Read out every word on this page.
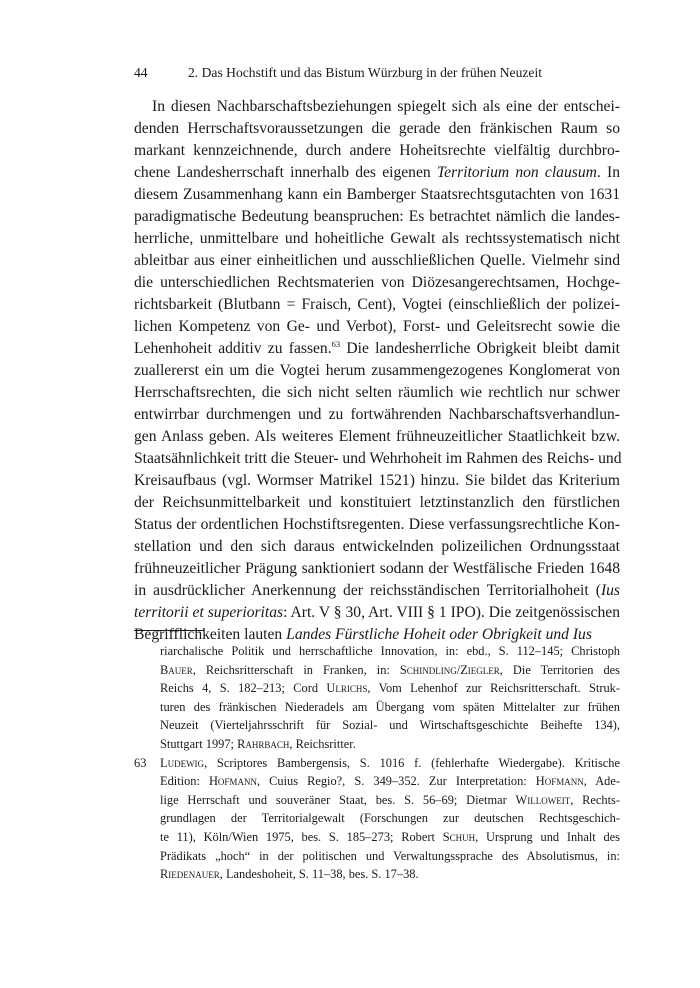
44	2. Das Hochstift und das Bistum Würzburg in der frühen Neuzeit
In diesen Nachbarschaftsbeziehungen spiegelt sich als eine der entschei-
denden Herrschaftsvoraussetzungen die gerade den fränkischen Raum so
markant kennzeichnende, durch andere Hoheitsrechte vielfältig durchbro-
chene Landesherrschaft innerhalb des eigenen Territorium non clausum. In
diesem Zusammenhang kann ein Bamberger Staatsrechtsgutachten von 1631
paradigmatische Bedeutung beanspruchen: Es betrachtet nämlich die landes-
herrliche, unmittelbare und hoheitliche Gewalt als rechtssystematisch nicht
ableitbar aus einer einheitlichen und ausschließlichen Quelle. Vielmehr sind
die unterschiedlichen Rechtsmaterien von Diözesangerechtsamen, Hochge-
richtsbarkeit (Blutbann = Fraisch, Cent), Vogtei (einschließlich der polizei-
lichen Kompetenz von Ge- und Verbot), Forst- und Geleitsrecht sowie die
Lehenhoheit additiv zu fassen.$^{63}$ Die landesherrliche Obrigkeit bleibt damit
zuallererst ein um die Vogtei herum zusammengezogenes Konglomerat von
Herrschaftsrechten, die sich nicht selten räumlich wie rechtlich nur schwer
entwirrbar durchmengen und zu fortwährenden Nachbarschaftsverhandlun-
gen Anlass geben. Als weiteres Element frühneuzeitlicher Staatlichkeit bzw.
Staatsähnlichkeit tritt die Steuer- und Wehrhoheit im Rahmen des Reichs- und
Kreisaufbaus (vgl. Wormser Matrikel 1521) hinzu. Sie bildet das Kriterium
der Reichsunmittelbarkeit und konstituiert letztinstanzlich den fürstlichen
Status der ordentlichen Hochstiftsregenten. Diese verfassungsrechtliche Kon-
stellation und den sich daraus entwickelnden polizeilichen Ordnungsstaat
frühneuzeitlicher Prägung sanktioniert sodann der Westfälische Frieden 1648
in ausdrücklicher Anerkennung der reichsständischen Territorialhoheit (Ius
territorii et superioritas: Art. V § 30, Art. VIII § 1 IPO). Die zeitgenössischen
Begrifflichkeiten lauten Landes Fürstliche Hoheit oder Obrigkeit und Ius
riarchalische Politik und herrschaftliche Innovation, in: ebd., S. 112–145; Christoph
Bauer, Reichsritterschaft in Franken, in: Schindling/Ziegler, Die Territorien des
Reichs 4, S. 182–213; Cord Ulrichs, Vom Lehenhof zur Reichsritterschaft. Struk-
turen des fränkischen Niederadels am Übergang vom späten Mittelalter zur frühen
Neuzeit (Vierteljahrsschrift für Sozial- und Wirtschaftsgeschichte Beihefte 134),
Stuttgart 1997; Rahrbach, Reichsritter.
63 Ludewig, Scriptores Bambergensis, S. 1016 f. (fehlerhafte Wiedergabe). Kritische
Edition: Hofmann, Cuius Regio?, S. 349–352. Zur Interpretation: Hofmann, Ade-
lige Herrschaft und souveräner Staat, bes. S. 56–69; Dietmar Willoweit, Rechts-
grundlagen der Territorialgewalt (Forschungen zur deutschen Rechtsgeschich-
te 11), Köln/Wien 1975, bes. S. 185–273; Robert Schuh, Ursprung und Inhalt des
Prädikats „hoch“ in der politischen und Verwaltungssprache des Absolutismus, in:
Riedenauer, Landeshoheit, S. 11–38, bes. S. 17–38.
